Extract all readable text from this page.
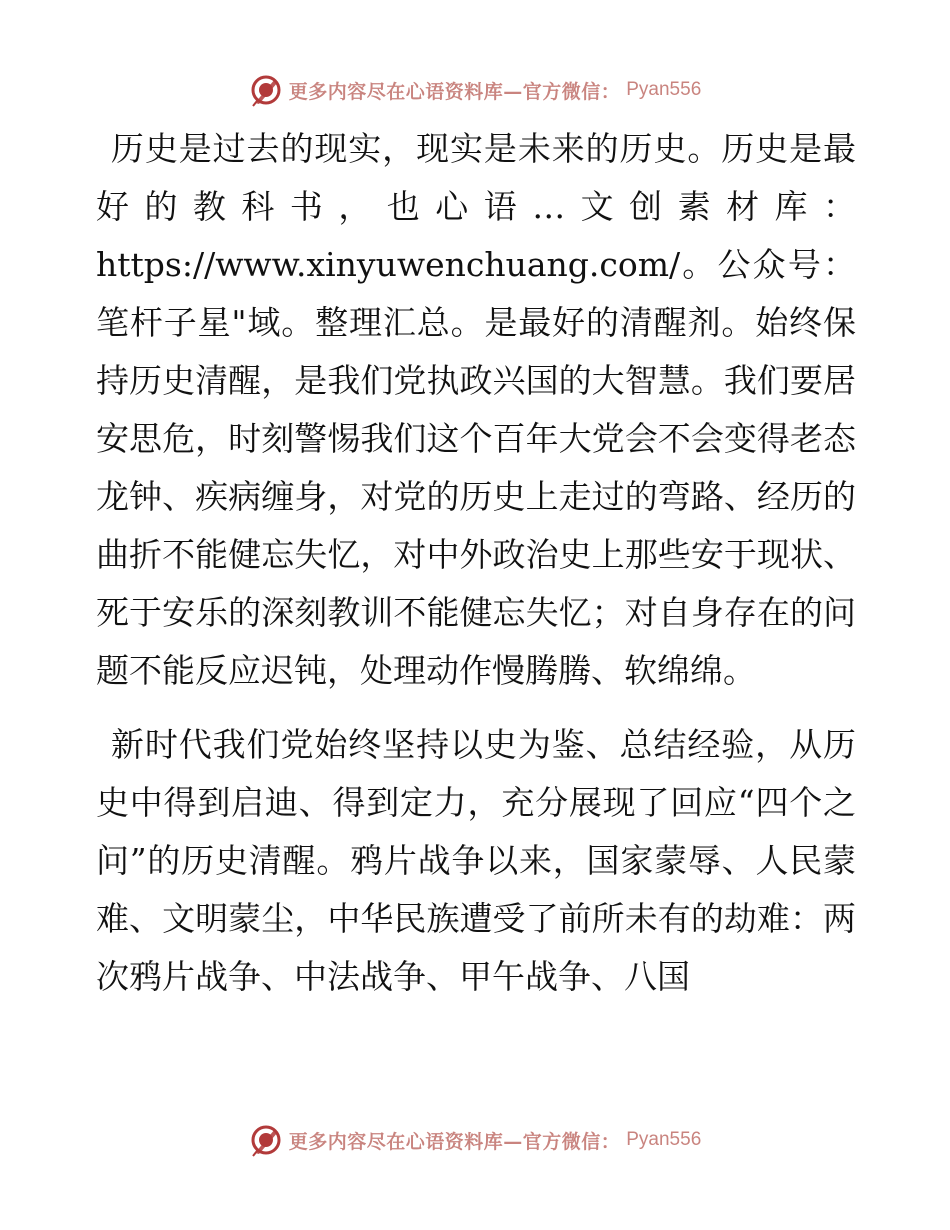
更多内容尽在心语资料库—官方微信： Pyan556

历史是过去的现实，现实是未来的历史。历史是最好的教科书，也心语…文创素材库：https://www.xinyuwenchuang.com/。公众号：笔杆子星"域。整理汇总。是最好的清醒剂。始终保持历史清醒，是我们党执政兴国的大智慧。我们要居安思危，时刻警惕我们这个百年大党会不会变得老态龙钟、疾病缠身，对党的历史上走过的弯路、经历的曲折不能健忘失忆，对中外政治史上那些安于现状、死于安乐的深刻教训不能健忘失忆；对自身存在的问题不能反应迟钝，处理动作慢腾腾、软绵绵。

新时代我们党始终坚持以史为鉴、总结经验，从历史中得到启迪、得到定力，充分展现了回应“四个之问”的历史清醒。鸦片战争以来，国家蒙辱、人民蒙难、文明蒙尘，中华民族遭受了前所未有的劫难：两次鸦片战争、中法战争、甲午战争、八国

更多内容尽在心语资料库—官方微信： Pyan556
